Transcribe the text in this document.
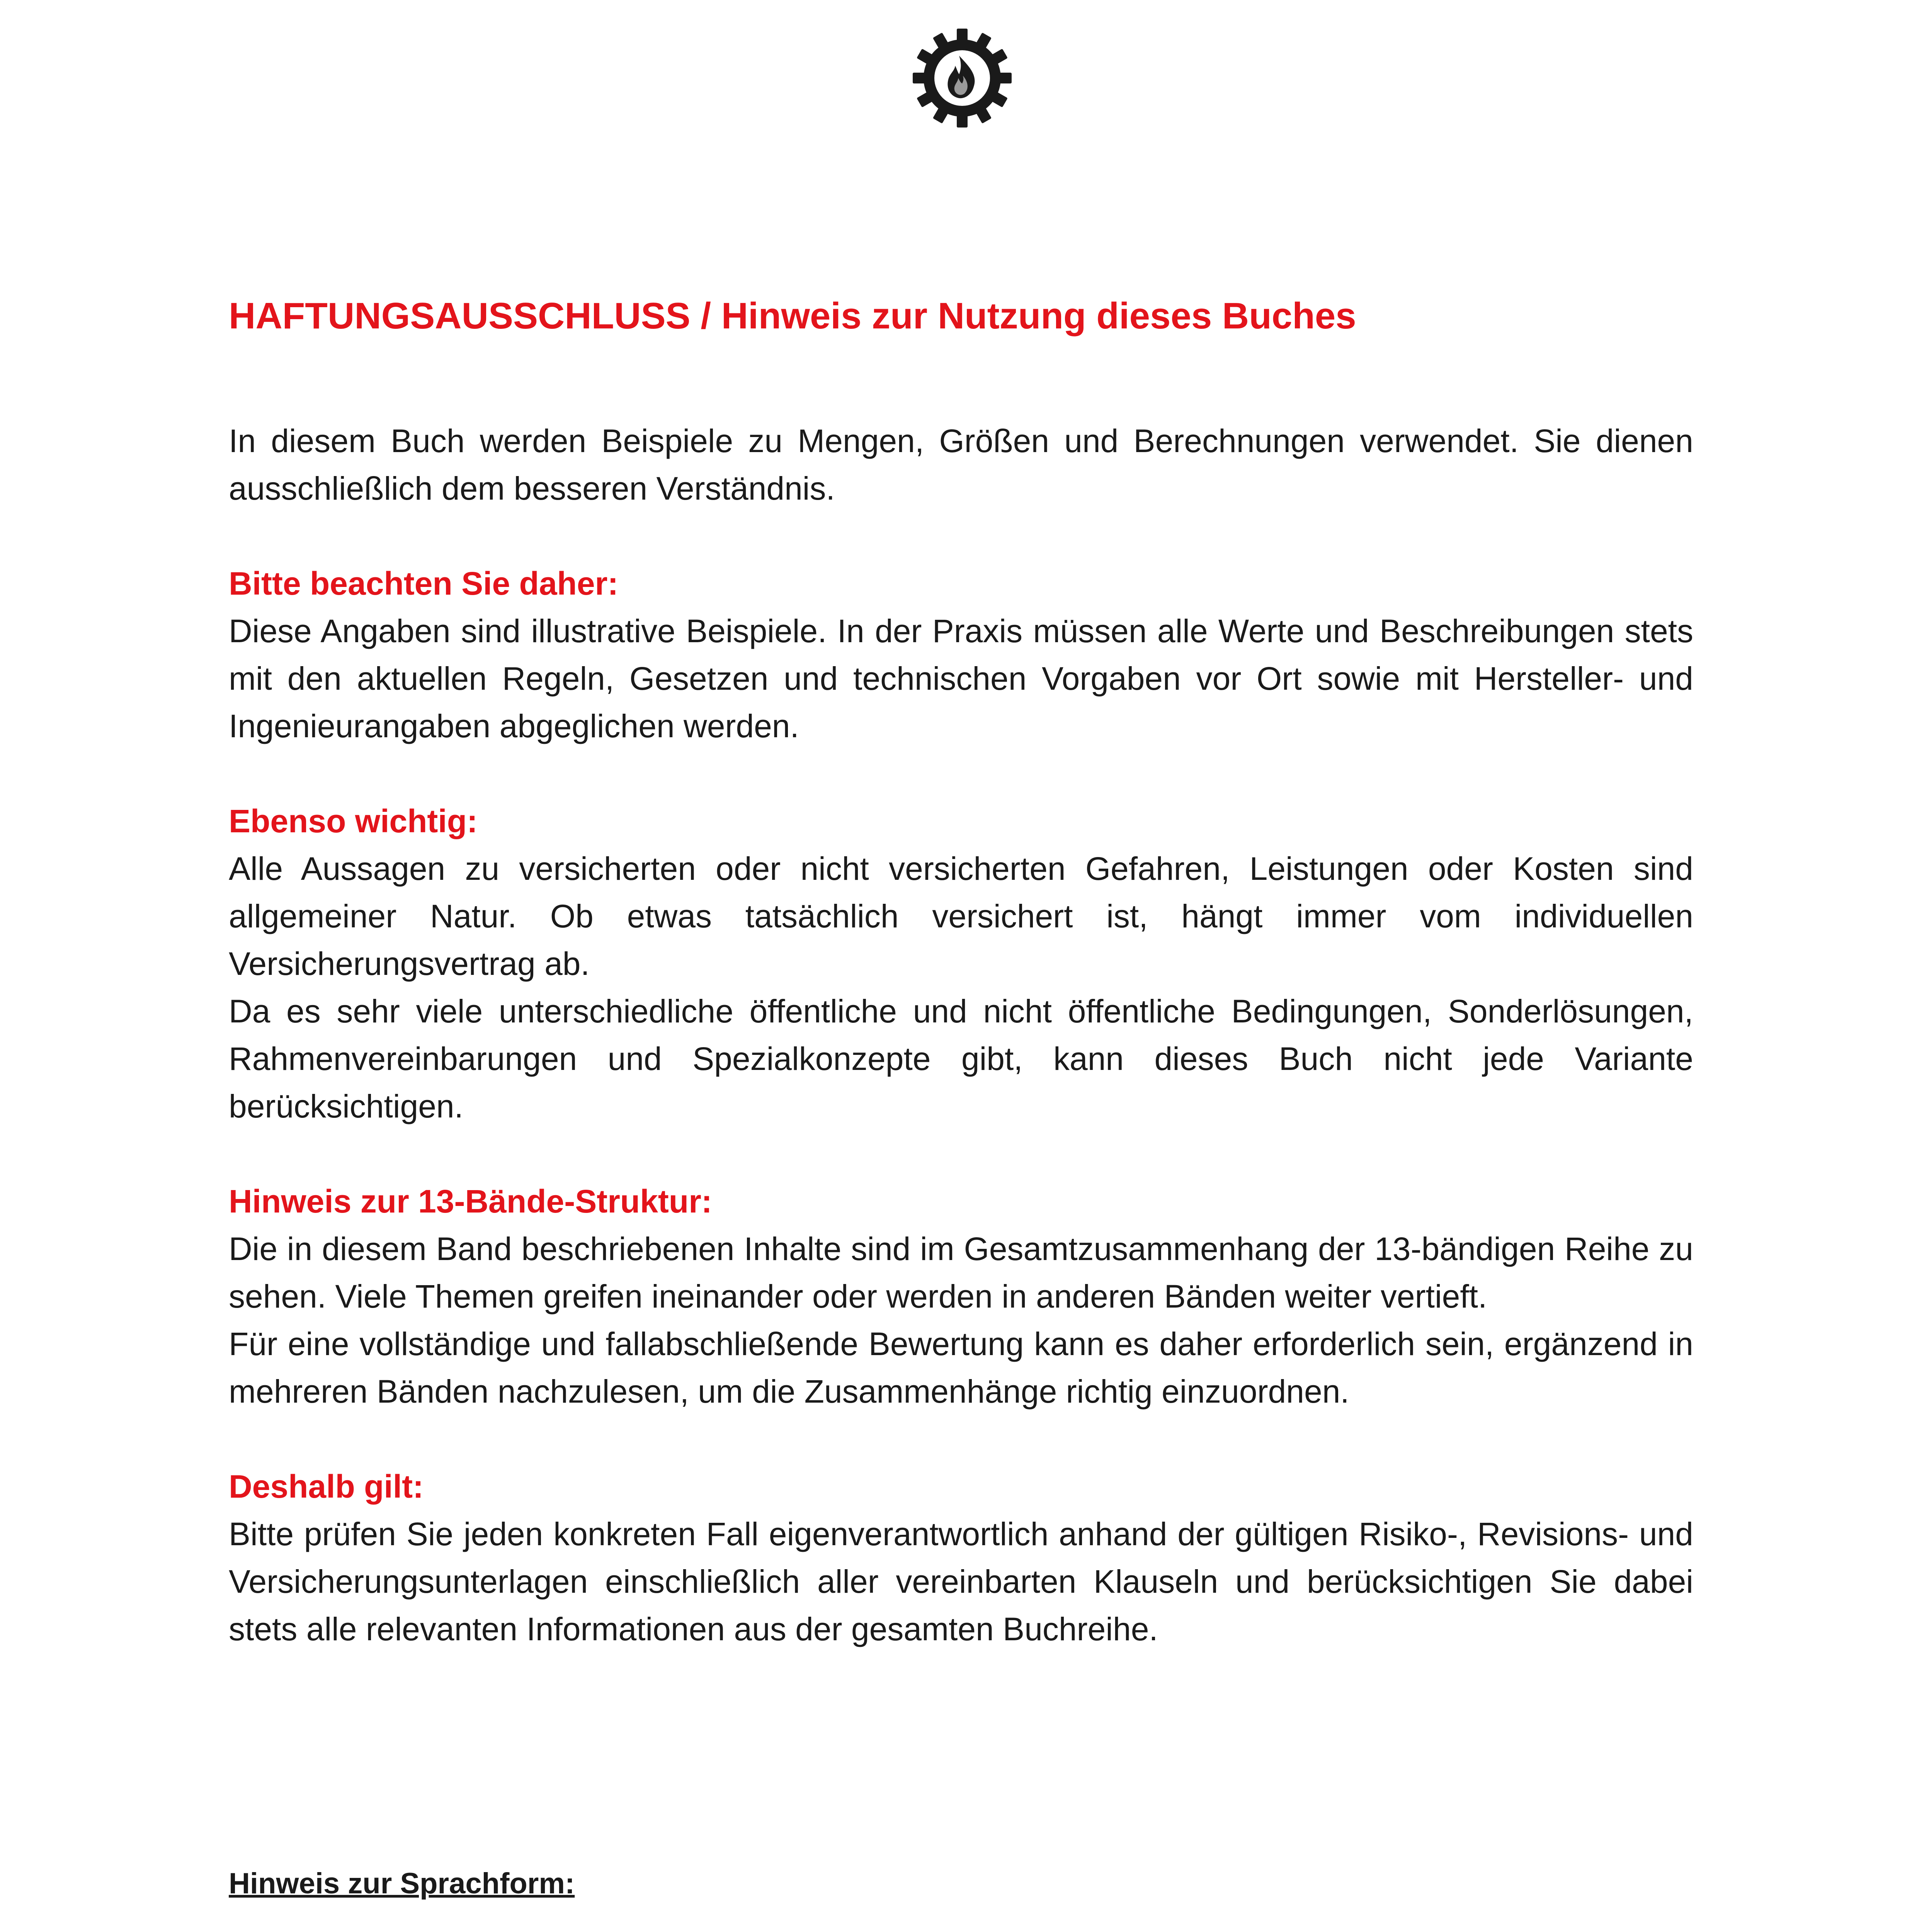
HAFTUNGSAUSSCHLUSS / Hinweis zur Nutzung dieses Buches

In diesem Buch werden Beispiele zu Mengen, Größen und Berechnungen verwendet. Sie dienen ausschließlich dem besseren Verständnis.

Bitte beachten Sie daher:

Diese Angaben sind illustrative Beispiele. In der Praxis müssen alle Werte und Beschreibungen stets mit den aktuellen Regeln, Gesetzen und technischen Vorgaben vor Ort sowie mit Hersteller- und Ingenieurangaben abgeglichen werden.

Ebenso wichtig:

Alle Aussagen zu versicherten oder nicht versicherten Gefahren, Leistungen oder Kosten sind allgemeiner Natur. Ob etwas tatsächlich versichert ist, hängt immer vom individuellen Versicherungsvertrag ab.

Da es sehr viele unterschiedliche öffentliche und nicht öffentliche Bedingungen, Sonderlösungen, Rahmenvereinbarungen und Spezialkonzepte gibt, kann dieses Buch nicht jede Variante berücksichtigen.

Hinweis zur 13-Bände-Struktur:

Die in diesem Band beschriebenen Inhalte sind im Gesamtzusammenhang der 13-bändigen Reihe zu sehen. Viele Themen greifen ineinander oder werden in anderen Bänden weiter vertieft.

Für eine vollständige und fallabschließende Bewertung kann es daher erforderlich sein, ergänzend in mehreren Bänden nachzulesen, um die Zusammenhänge richtig einzuordnen.

Deshalb gilt:

Bitte prüfen Sie jeden konkreten Fall eigenverantwortlich anhand der gültigen Risiko-, Revisions- und Versicherungsunterlagen einschließlich aller vereinbarten Klauseln und berücksichtigen Sie dabei stets alle relevanten Informationen aus der gesamten Buchreihe.

Hinweis zur Sprachform:
